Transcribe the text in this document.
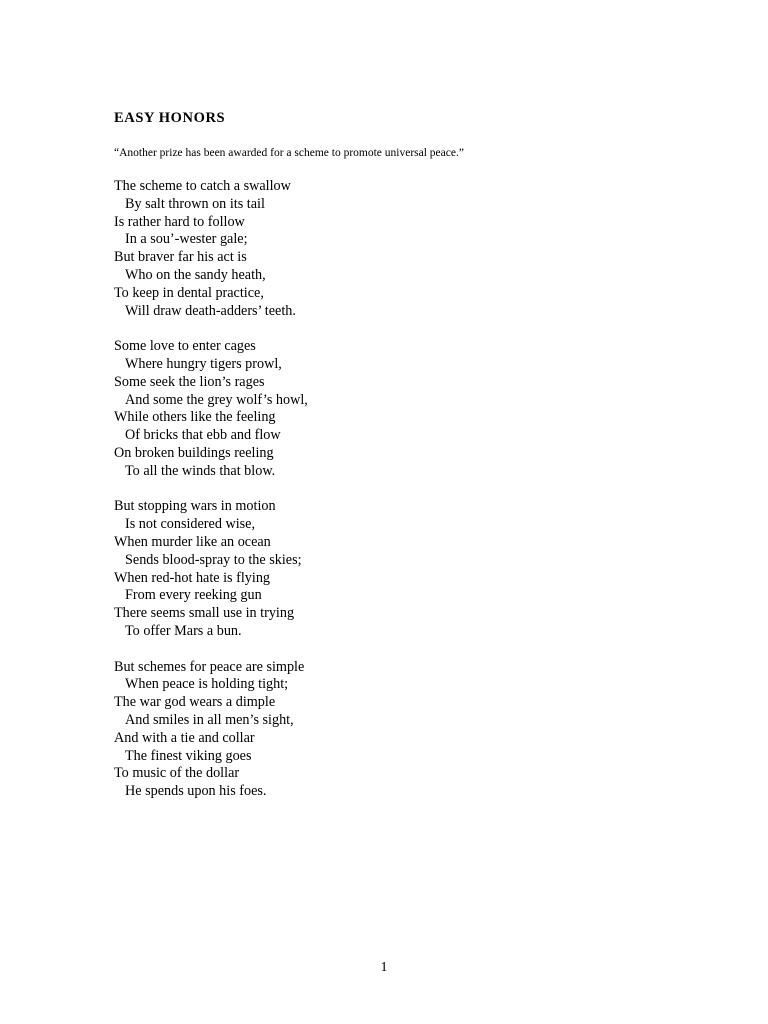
EASY HONORS
“Another prize has been awarded for a scheme to promote universal peace.”
The scheme to catch a swallow
By salt thrown on its tail
Is rather hard to follow
In a sou’-wester gale;
But braver far his act is
Who on the sandy heath,
To keep in dental practice,
Will draw death-adders’ teeth.
Some love to enter cages
Where hungry tigers prowl,
Some seek the lion’s rages
And some the grey wolf’s howl,
While others like the feeling
Of bricks that ebb and flow
On broken buildings reeling
To all the winds that blow.
But stopping wars in motion
Is not considered wise,
When murder like an ocean
Sends blood-spray to the skies;
When red-hot hate is flying
From every reeking gun
There seems small use in trying
To offer Mars a bun.
But schemes for peace are simple
When peace is holding tight;
The war god wears a dimple
And smiles in all men’s sight,
And with a tie and collar
The finest viking goes
To music of the dollar
He spends upon his foes.
1
